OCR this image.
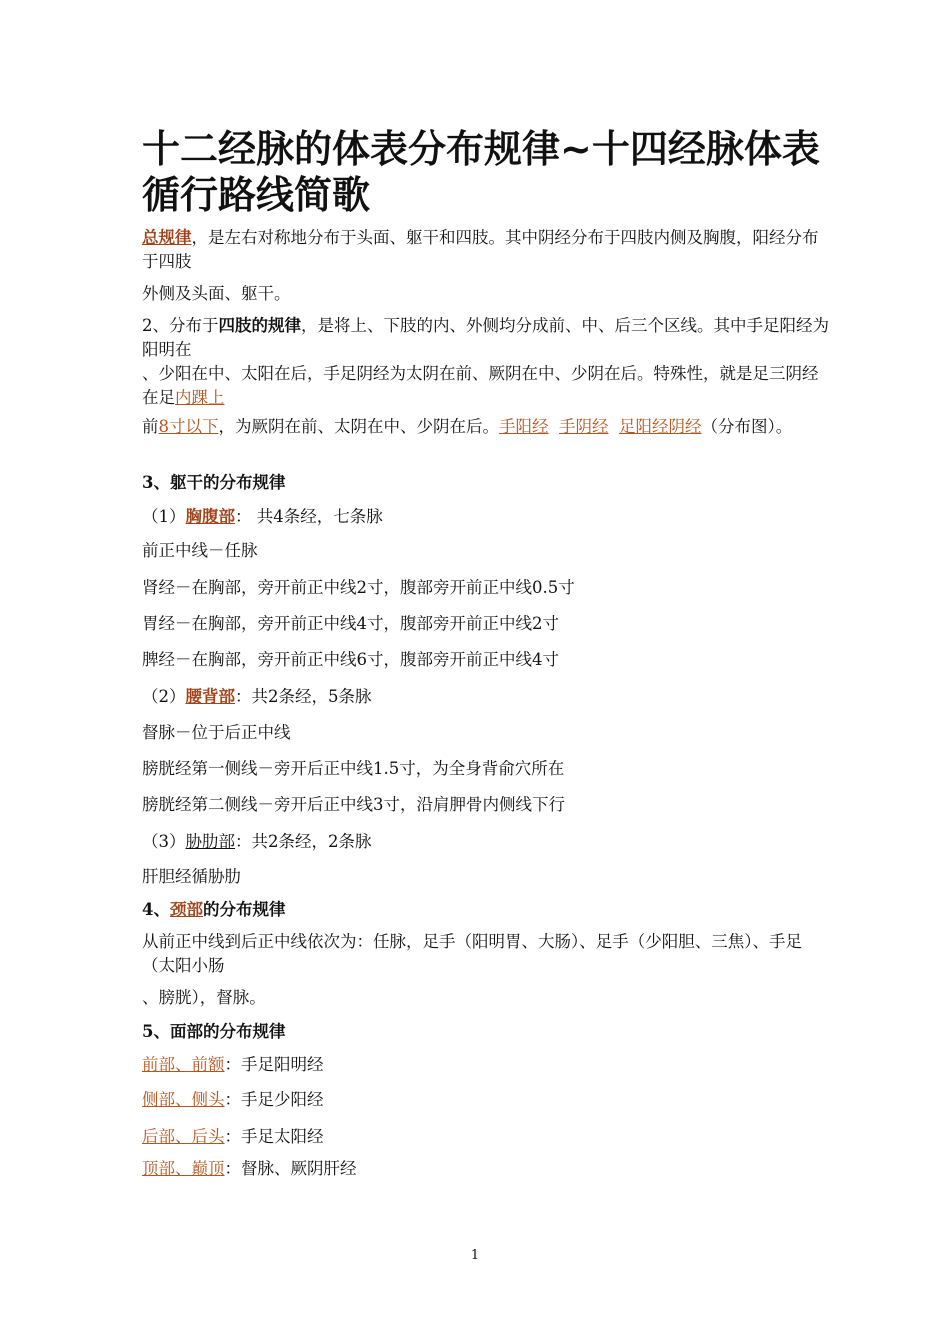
十二经脉的体表分布规律~十四经脉体表循行路线简歌
总规律，是左右对称地分布于头面、躯干和四肢。其中阴经分布于四肢内侧及胸腹，阳经分布于四肢
外侧及头面、躯干。
2、分布于四肢的规律，是将上、下肢的内、外侧均分成前、中、后三个区线。其中手足阳经为阳明在
、少阳在中、太阳在后，手足阴经为太阴在前、厥阴在中、少阴在后。特殊性，就是足三阴经在足内踝上
前8寸以下，为厥阴在前、太阴在中、少阴在后。手阳经 手阴经 足阳经阴经（分布图）。
3、躯干的分布规律
（1）胸腹部： 共4条经，七条脉
前正中线－任脉
肾经－在胸部，旁开前正中线2寸，腹部旁开前正中线0.5寸
胃经－在胸部，旁开前正中线4寸，腹部旁开前正中线2寸
脾经－在胸部，旁开前正中线6寸，腹部旁开前正中线4寸
（2）腰背部：共2条经，5条脉
督脉－位于后正中线
膀胱经第一侧线－旁开后正中线1.5寸，为全身背俞穴所在
膀胱经第二侧线－旁开后正中线3寸，沿肩胛骨内侧线下行
（3）胁肋部：共2条经，2条脉
肝胆经循胁肋
4、颈部的分布规律
从前正中线到后正中线依次为：任脉，足手（阳明胃、大肠）、足手（少阳胆、三焦）、手足（太阳小肠
、膀胱），督脉。
5、面部的分布规律
前部、前额：手足阳明经
侧部、侧头：手足少阳经
后部、后头：手足太阳经
顶部、巅顶：督脉、厥阴肝经
1
